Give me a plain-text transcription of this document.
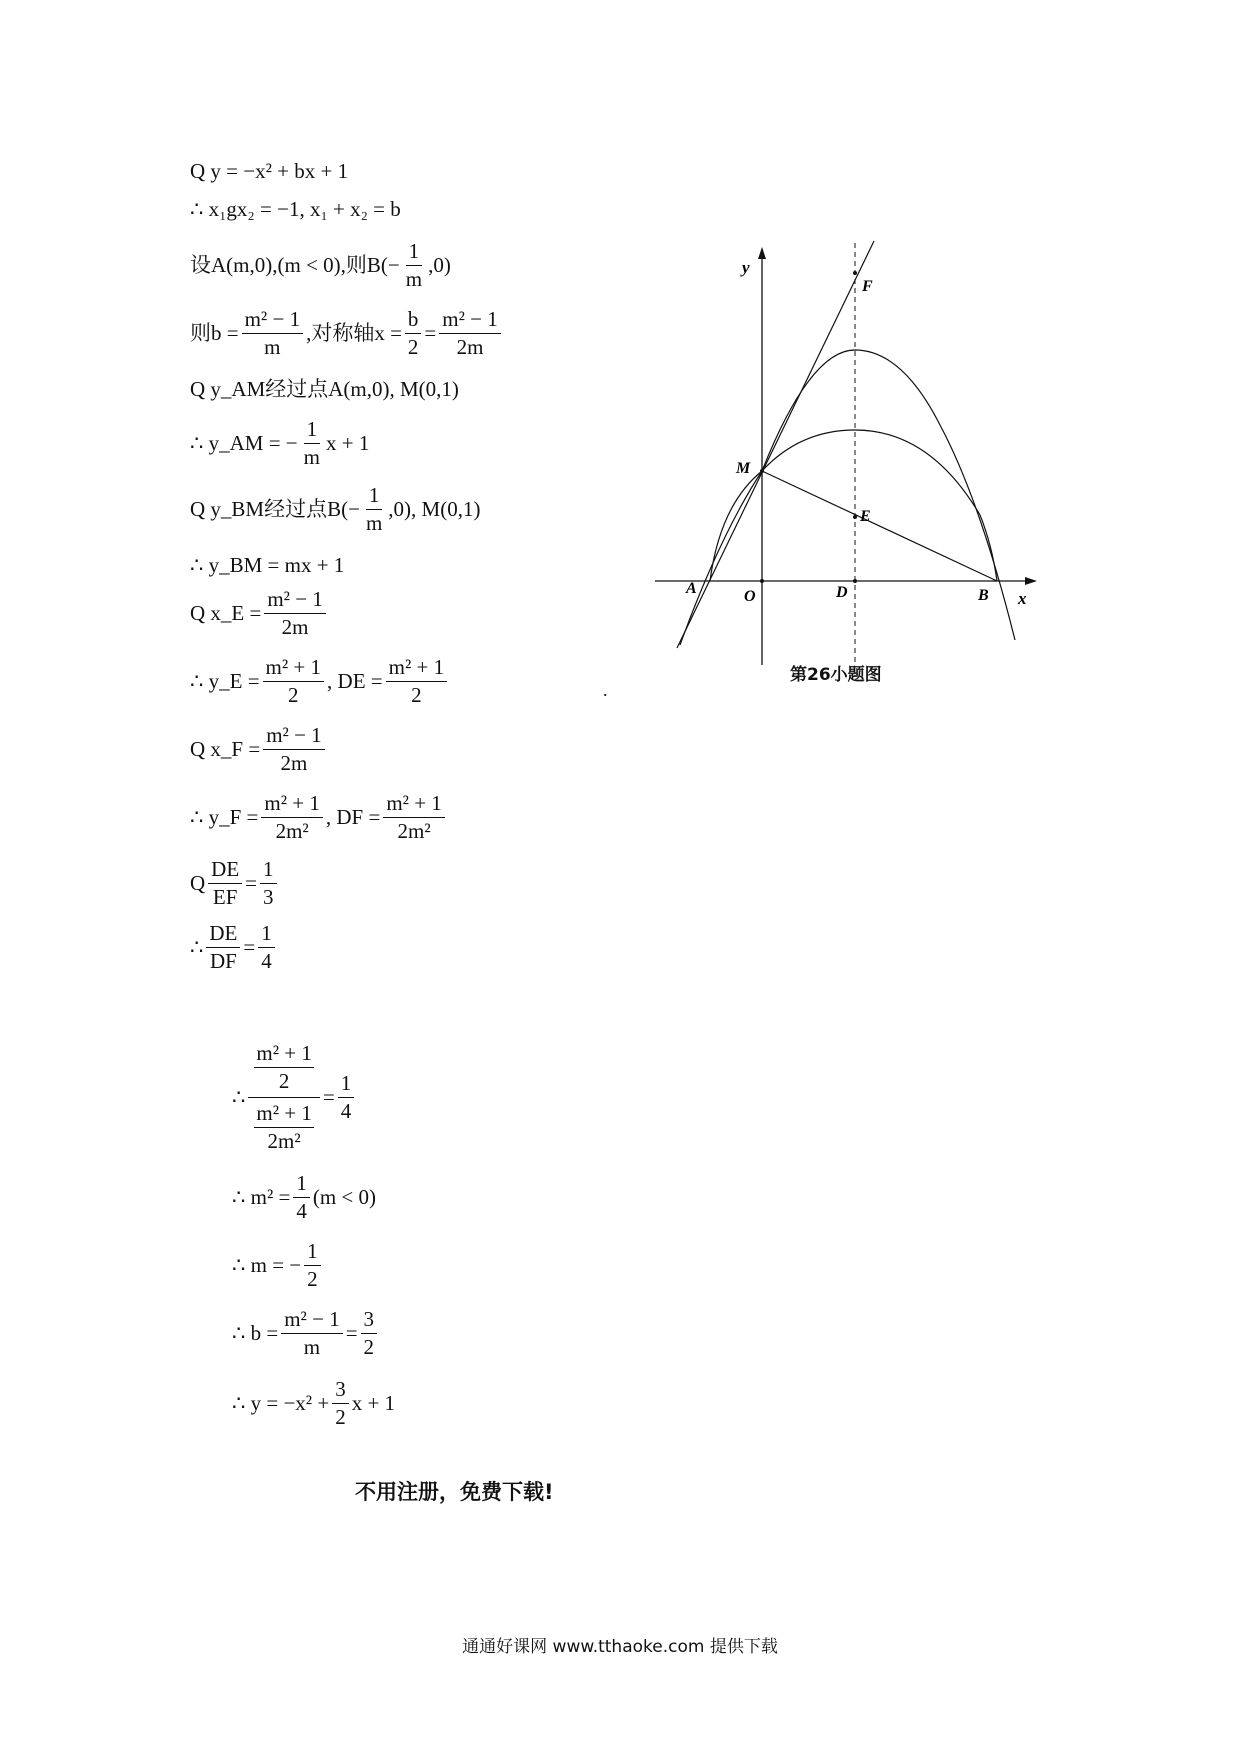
Q y = −x² + bx + 1
∴ x₁gx₂ = −1, x₁ + x₂ = b
设A(m,0),(m < 0),则$B(- \frac{1}{m} ,0)$
则$b = \frac{\text{m² − 1}}{m}$ ,对称轴$x = \frac{b}{2} = \frac{\text{m² − 1}}{2m}$
Q y_AM经过点A(m,0), M(0,1)
∴ y_AM = − $\frac{1}{m}$ x + 1
Q y_BM经过点$B(- \frac{1}{m} ,0)$, M(0,1)
∴ y_BM = mx + 1
Q x_E = $\frac{\text{m² − 1}}{2m}$
∴ y_E = $\frac{\text{m² + 1}}{2}$ , DE = $\frac{\text{m² + 1}}{2}$
Q x_F = $\frac{\text{m² − 1}}{2m}$
∴ y_F = $\frac{\text{m² + 1}}{\text{2m²}}$ , DF = $\frac{\text{m² + 1}}{\text{2m²}}$
Q $\frac{DE}{EF} = \frac{1}{3}$
∴ $\frac{DE}{DF} = \frac{1}{4}$
∴ $\frac{\frac{\text{m² + 1}}{2}}{\frac{\text{m² + 1}}{\text{2m²}}} = \frac{1}{4}$
∴ $m^2 = \frac{1}{4} (m < 0)$
∴ m = − $\frac{1}{2}$
∴ $b = \frac{\text{m² − 1}}{m} = \frac{3}{2}$
∴ $y = -x^2 + \frac{3}{2}$ x + 1
y
x
F
M
E
A	O	D	B
第26小题图
.
不用注册，免费下载!
通通好课网 www.tthaoke.com 提供下载
